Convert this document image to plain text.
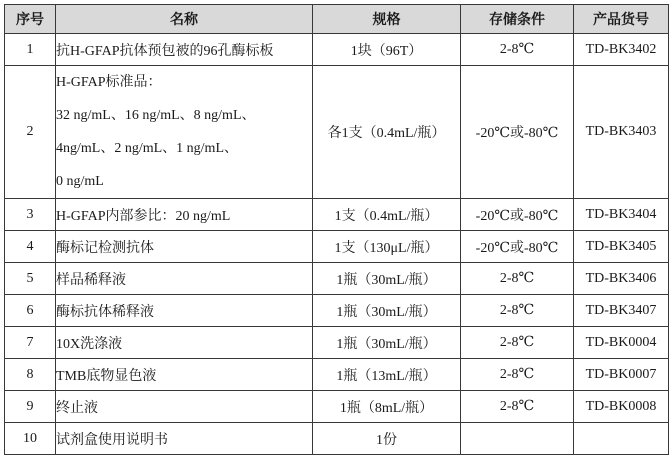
序号	名称	规格	存储条件	产品货号
1	抗H-GFAP抗体预包被的96孔酶标板	1块（96T）	2-8℃	TD-BK3402
2	H-GFAP标准品：
32 ng/mL、16 ng/mL、8 ng/mL、
4ng/mL、2 ng/mL、1 ng/mL、
0 ng/mL	各1支（0.4mL/瓶）	-20℃或-80℃	TD-BK3403
3	H-GFAP内部参比：20 ng/mL	1支（0.4mL/瓶）	-20℃或-80℃	TD-BK3404
4	酶标记检测抗体	1支（130μL/瓶）	-20℃或-80℃	TD-BK3405
5	样品稀释液	1瓶（30mL/瓶）	2-8℃	TD-BK3406
6	酶标抗体稀释液	1瓶（30mL/瓶）	2-8℃	TD-BK3407
7	10X洗涤液	1瓶（30mL/瓶）	2-8℃	TD-BK0004
8	TMB底物显色液	1瓶（13mL/瓶）	2-8℃	TD-BK0007
9	终止液	1瓶（8mL/瓶）	2-8℃	TD-BK0008
10	试剂盒使用说明书	1份		
